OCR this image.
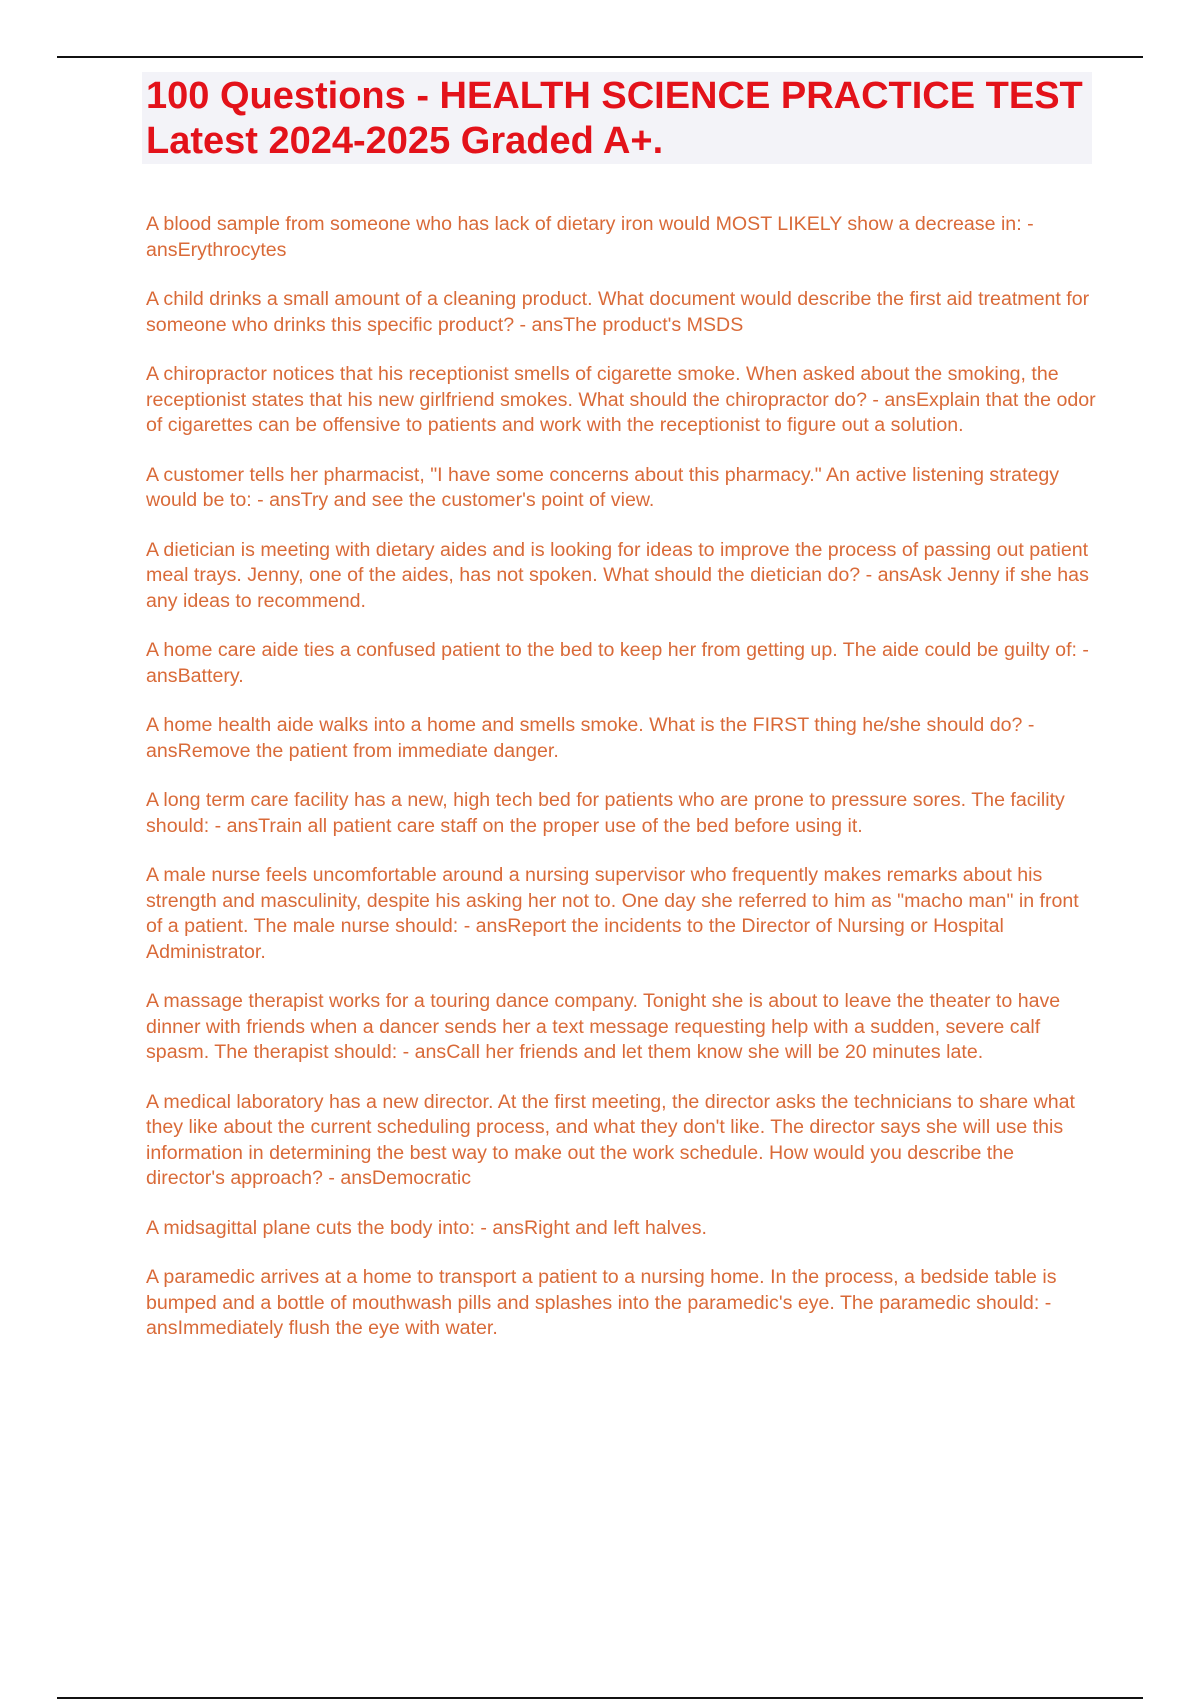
100 Questions - HEALTH SCIENCE PRACTICE TEST Latest 2024-2025 Graded A+.
A blood sample from someone who has lack of dietary iron would MOST LIKELY show a decrease in: - ansErythrocytes
A child drinks a small amount of a cleaning product. What document would describe the first aid treatment for someone who drinks this specific product? - ansThe product's MSDS
A chiropractor notices that his receptionist smells of cigarette smoke. When asked about the smoking, the receptionist states that his new girlfriend smokes. What should the chiropractor do? - ansExplain that the odor of cigarettes can be offensive to patients and work with the receptionist to figure out a solution.
A customer tells her pharmacist, "I have some concerns about this pharmacy." An active listening strategy would be to: - ansTry and see the customer's point of view.
A dietician is meeting with dietary aides and is looking for ideas to improve the process of passing out patient meal trays. Jenny, one of the aides, has not spoken. What should the dietician do? - ansAsk Jenny if she has any ideas to recommend.
A home care aide ties a confused patient to the bed to keep her from getting up. The aide could be guilty of: - ansBattery.
A home health aide walks into a home and smells smoke. What is the FIRST thing he/she should do? - ansRemove the patient from immediate danger.
A long term care facility has a new, high tech bed for patients who are prone to pressure sores. The facility should: - ansTrain all patient care staff on the proper use of the bed before using it.
A male nurse feels uncomfortable around a nursing supervisor who frequently makes remarks about his strength and masculinity, despite his asking her not to. One day she referred to him as "macho man" in front of a patient. The male nurse should: - ansReport the incidents to the Director of Nursing or Hospital Administrator.
A massage therapist works for a touring dance company. Tonight she is about to leave the theater to have dinner with friends when a dancer sends her a text message requesting help with a sudden, severe calf spasm. The therapist should: - ansCall her friends and let them know she will be 20 minutes late.
A medical laboratory has a new director. At the first meeting, the director asks the technicians to share what they like about the current scheduling process, and what they don't like. The director says she will use this information in determining the best way to make out the work schedule. How would you describe the director's approach? - ansDemocratic
A midsagittal plane cuts the body into: - ansRight and left halves.
A paramedic arrives at a home to transport a patient to a nursing home. In the process, a bedside table is bumped and a bottle of mouthwash pills and splashes into the paramedic's eye. The paramedic should: - ansImmediately flush the eye with water.
